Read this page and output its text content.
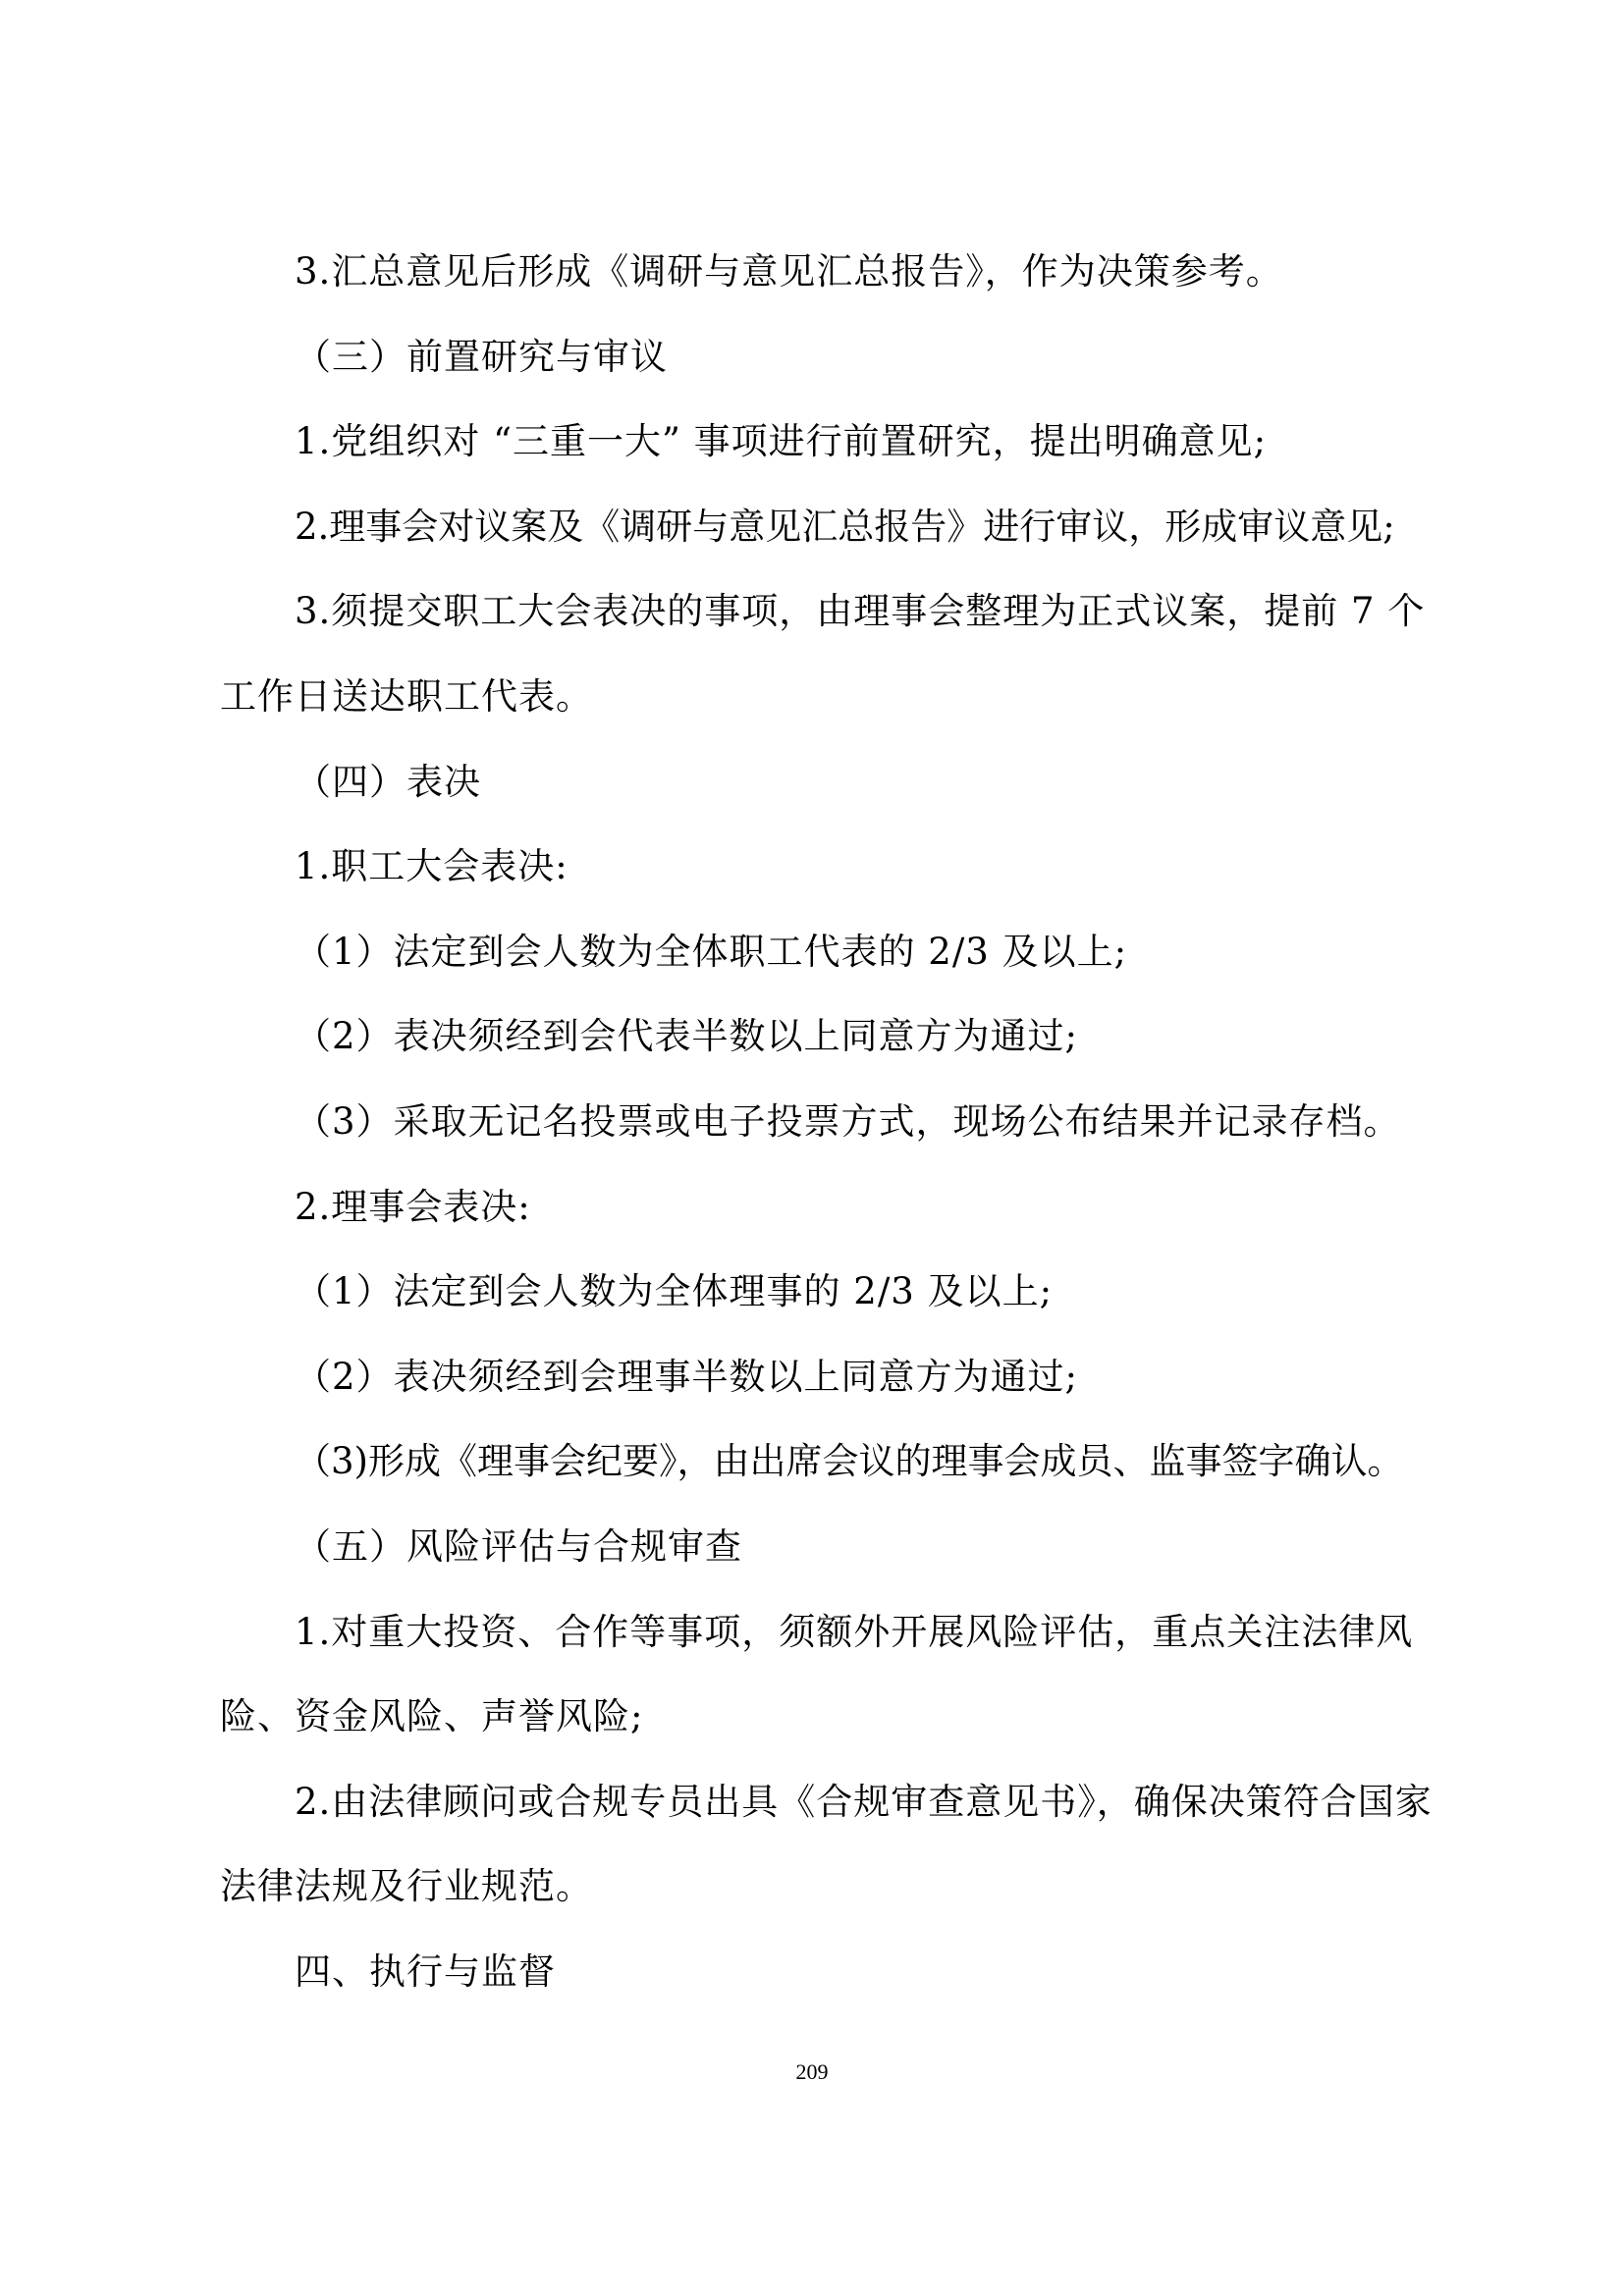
3.汇总意见后形成《调研与意见汇总报告》，作为决策参考。

（三）前置研究与审议

1.党组织对 “三重一大” 事项进行前置研究，提出明确意见;

2.理事会对议案及《调研与意见汇总报告》进行审议，形成审议意见;

3.须提交职工大会表决的事项，由理事会整理为正式议案，提前 7 个工作日送达职工代表。

（四）表决

1.职工大会表决:

（1）法定到会人数为全体职工代表的 2/3 及以上;

（2）表决须经到会代表半数以上同意方为通过;

（3）采取无记名投票或电子投票方式，现场公布结果并记录存档。

2.理事会表决:

（1）法定到会人数为全体理事的 2/3 及以上;

（2）表决须经到会理事半数以上同意方为通过;

（3)形成《理事会纪要》，由出席会议的理事会成员、监事签字确认。

（五）风险评估与合规审查

1.对重大投资、合作等事项，须额外开展风险评估，重点关注法律风险、资金风险、声誉风险;

2.由法律顾问或合规专员出具《合规审查意见书》，确保决策符合国家法律法规及行业规范。

四、执行与监督

209
